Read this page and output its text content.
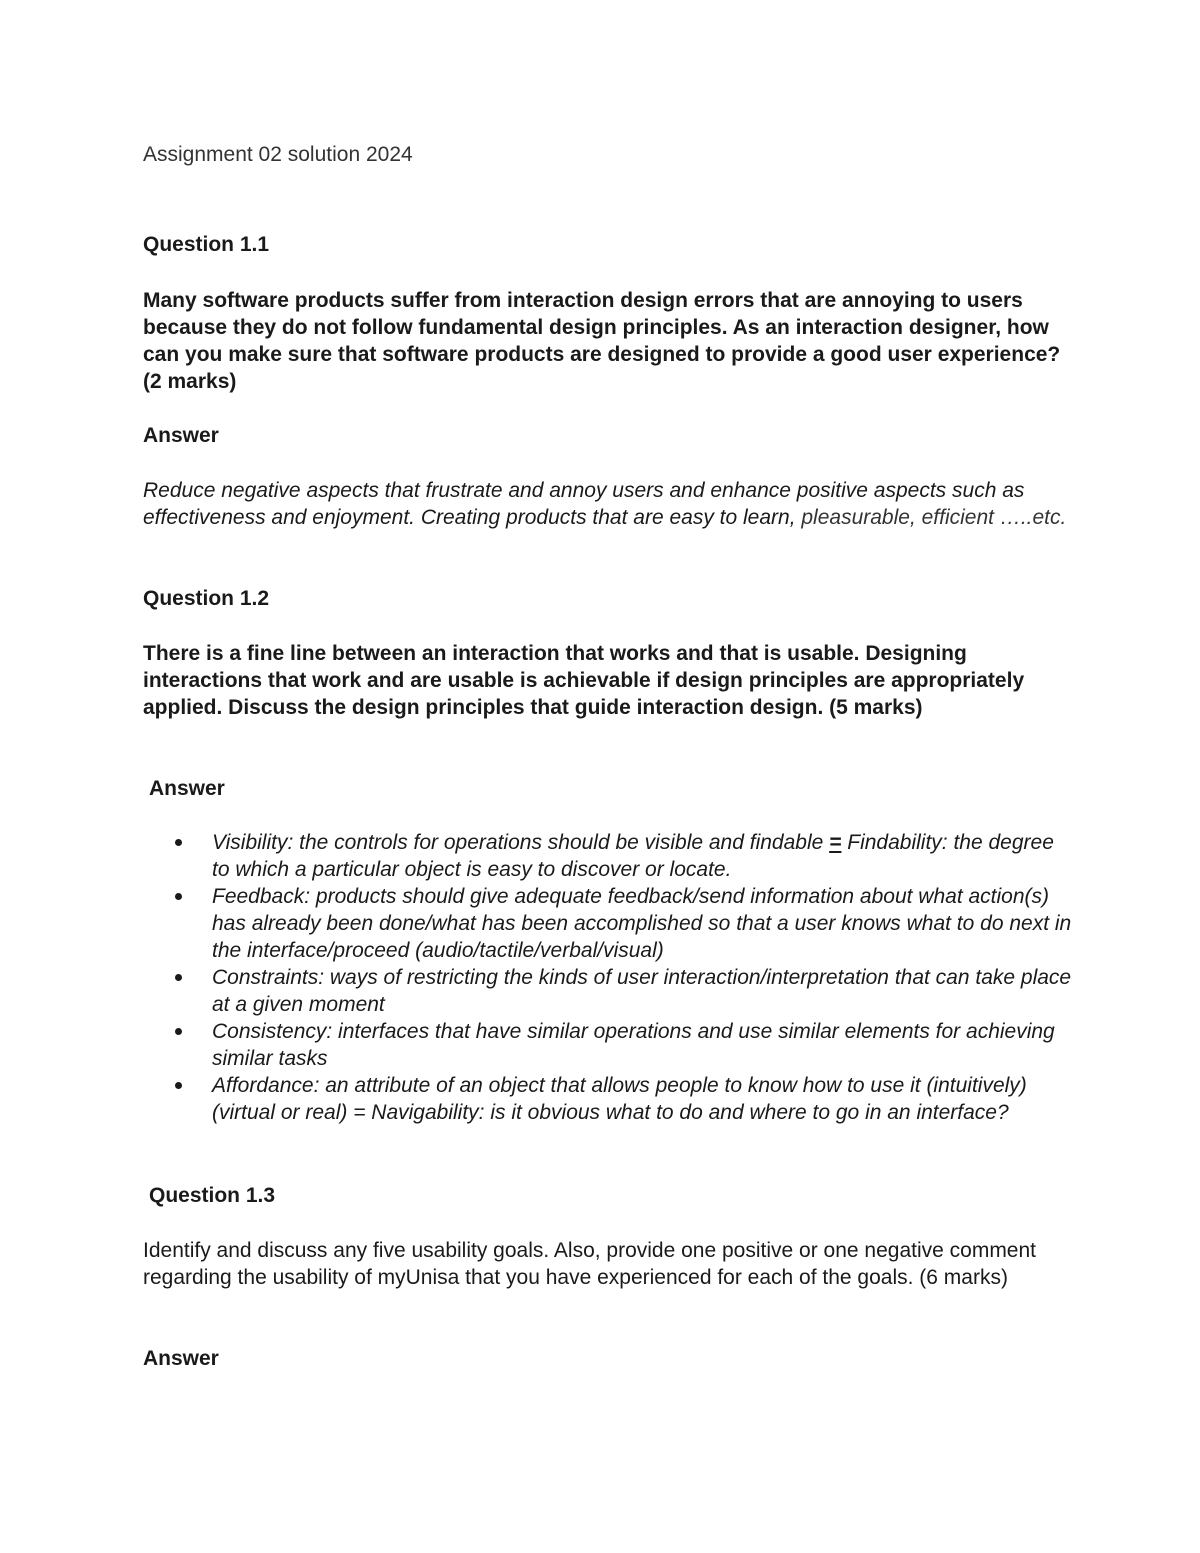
Assignment 02 solution 2024

Question 1.1

Many software products suffer from interaction design errors that are annoying to users because they do not follow fundamental design principles. As an interaction designer, how can you make sure that software products are designed to provide a good user experience? (2 marks)

Answer

Reduce negative aspects that frustrate and annoy users and enhance positive aspects such as effectiveness and enjoyment. Creating products that are easy to learn, pleasurable, efficient …..etc.

Question 1.2

There is a fine line between an interaction that works and that is usable. Designing interactions that work and are usable is achievable if design principles are appropriately applied. Discuss the design principles that guide interaction design. (5 marks)

Answer

Visibility: the controls for operations should be visible and findable = Findability: the degree to which a particular object is easy to discover or locate.
Feedback: products should give adequate feedback/send information about what action(s) has already been done/what has been accomplished so that a user knows what to do next in the interface/proceed (audio/tactile/verbal/visual)
Constraints: ways of restricting the kinds of user interaction/interpretation that can take place at a given moment
Consistency: interfaces that have similar operations and use similar elements for achieving similar tasks
Affordance: an attribute of an object that allows people to know how to use it (intuitively) (virtual or real) = Navigability: is it obvious what to do and where to go in an interface?

Question 1.3

Identify and discuss any five usability goals. Also, provide one positive or one negative comment regarding the usability of myUnisa that you have experienced for each of the goals. (6 marks)

Answer
